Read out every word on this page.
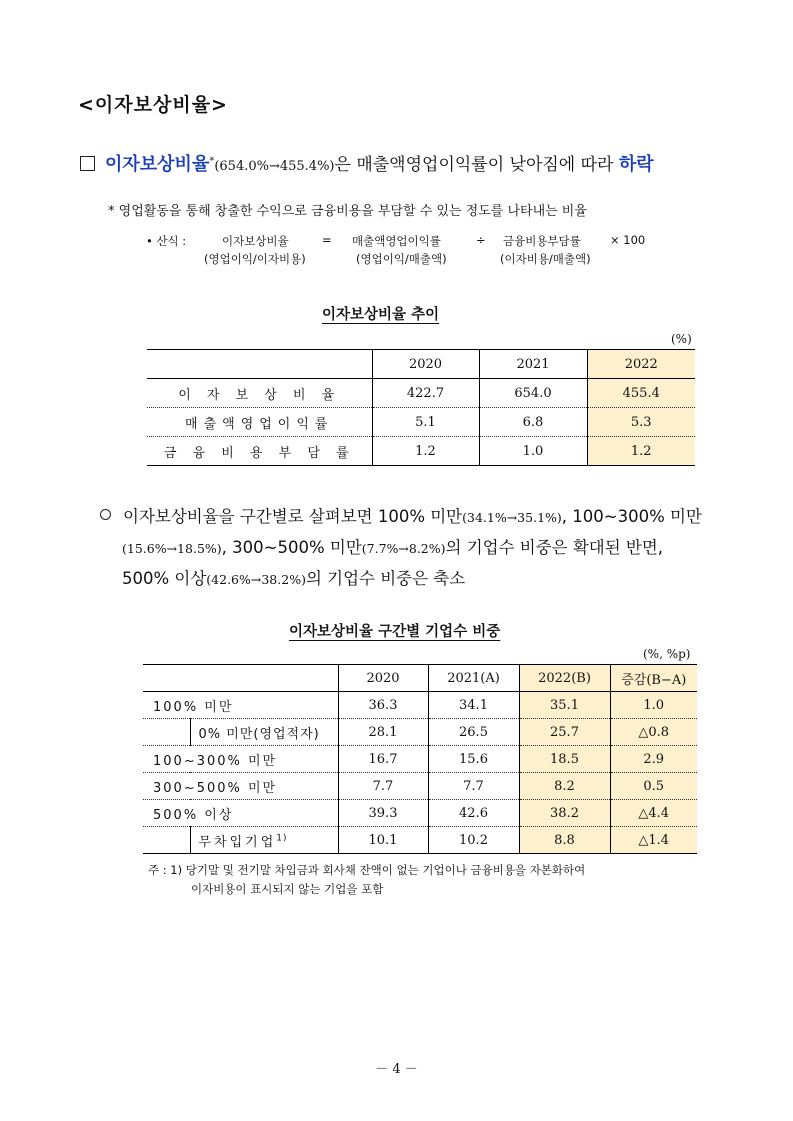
<이자보상비율>
이자보상비율*(654.0%→455.4%)은 매출액영업이익률이 낮아짐에 따라 하락
* 영업활동을 통해 창출한 수익으로 금융비용을 부담할 수 있는 정도를 나타내는 비율
• 산식 :	이자보상비율	= 매출액영업이익률	÷ 금융비용부담률	× 100
(영업이익/이자비용)	(영업이익/매출액)	(이자비용/매출액)
이자보상비율 추이
(%)
	2020	2021	2022
이 자 보 상 비 율	422.7	654.0	455.4
매출액영업이익률	5.1	6.8	5.3
금 융 비 용 부 담 률	1.2	1.0	1.2
이자보상비율을 구간별로 살펴보면 100% 미만(34.1%→35.1%), 100~300% 미만
(15.6%→18.5%), 300~500% 미만(7.7%→8.2%)의 기업수 비중은 확대된 반면,
500% 이상(42.6%→38.2%)의 기업수 비중은 축소
이자보상비율 구간별 기업수 비중
(%, %p)
		2020	2021(A)	2022(B)	증감(B−A)
100% 미만		36.3	34.1	35.1	1.0
	0% 미만(영업적자)	28.1	26.5	25.7	△0.8
100~300% 미만		16.7	15.6	18.5	2.9
300~500% 미만		7.7	7.7	8.2	0.5
500% 이상		39.3	42.6	38.2	△4.4
	무차입기업$^{1)}$	10.1	10.2	8.8	△1.4
주 : 1) 당기말 및 전기말 차입금과 회사채 잔액이 없는 기업이나 금융비용을 자본화하여
이자비용이 표시되지 않는 기업을 포함
－ 4 －
